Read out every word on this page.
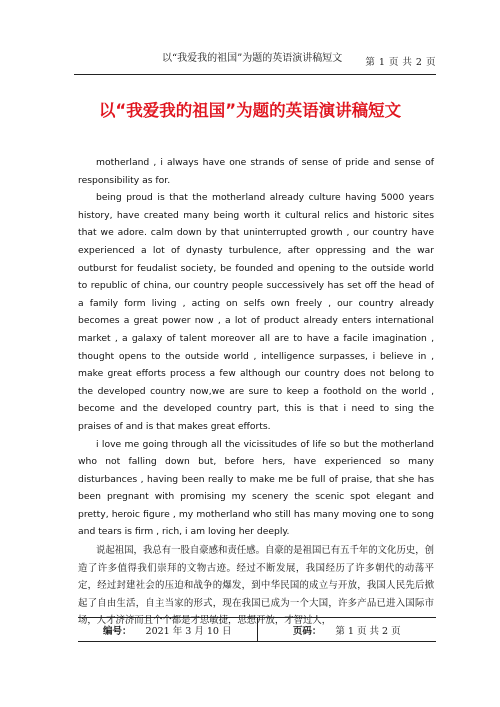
以“我爱我的祖国”为题的英语演讲稿短文 第 1 页 共 2 页
以“我爱我的祖国”为题的英语演讲稿短文

motherland , i always have one strands of sense of pride and sense of responsibility as for.

being proud is that the motherland already culture having 5000 years history, have created many being worth it cultural relics and historic sites that we adore. calm down by that uninterrupted growth , our country have experienced a lot of dynasty turbulence, after oppressing and the war outburst for feudalist society, be founded and opening to the outside world to republic of china, our country people successively has set off the head of a family form living , acting on selfs own freely , our country already becomes a great power now , a lot of product already enters international market , a galaxy of talent moreover all are to have a facile imagination , thought opens to the outside world , intelligence surpasses, i believe in , make great efforts process a few although our country does not belong to the developed country now,we are sure to keep a foothold on the world , become and the developed country part, this is that i need to sing the praises of and is that makes great efforts.

i love me going through all the vicissitudes of life so but the motherland who not falling down but, before hers, have experienced so many disturbances , having been really to make me be full of praise, that she has been pregnant with promising my scenery the scenic spot elegant and pretty, heroic figure , my motherland who still has many moving one to song and tears is firm , rich, i am loving her deeply.

说起祖国，我总有一股自豪感和责任感。自豪的是祖国已有五千年的文化历史，创造了许多值得我们崇拜的文物古迹。经过不断发展，我国经历了许多朝代的动荡平定，经过封建社会的压迫和战争的爆发，到中华民国的成立与开放，我国人民先后掀起了自由生活，自主当家的形式，现在我国已成为一个大国，许多产品已进入国际市场，人才济济而且个个都是才思敏捷，思想开放，才智过人，

编号： 2021 年 3 月 10 日	页码： 第 1 页 共 2 页
